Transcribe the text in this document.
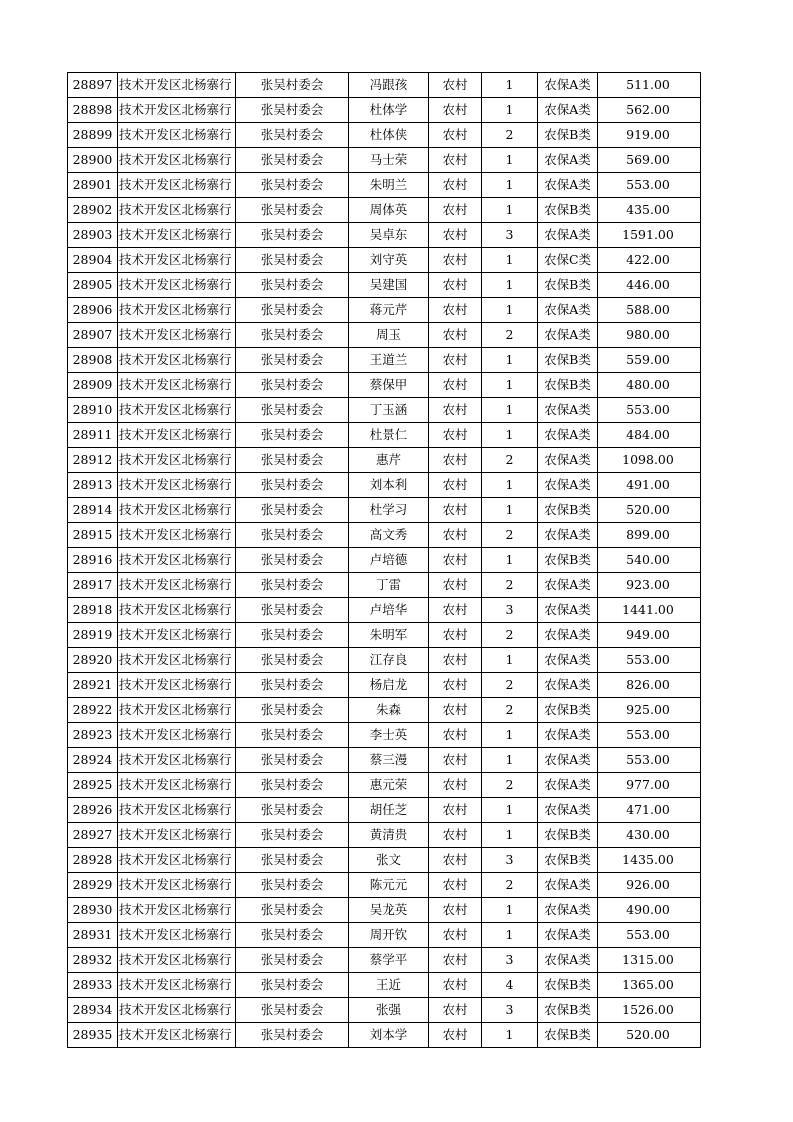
28897	技术开发区北杨寨行	张吴村委会	冯跟孩	农村	1	农保A类	511.00
28898	技术开发区北杨寨行	张吴村委会	杜体学	农村	1	农保A类	562.00
28899	技术开发区北杨寨行	张吴村委会	杜体侠	农村	2	农保B类	919.00
28900	技术开发区北杨寨行	张吴村委会	马士荣	农村	1	农保A类	569.00
28901	技术开发区北杨寨行	张吴村委会	朱明兰	农村	1	农保A类	553.00
28902	技术开发区北杨寨行	张吴村委会	周体英	农村	1	农保B类	435.00
28903	技术开发区北杨寨行	张吴村委会	吴卓东	农村	3	农保A类	1591.00
28904	技术开发区北杨寨行	张吴村委会	刘守英	农村	1	农保C类	422.00
28905	技术开发区北杨寨行	张吴村委会	吴建国	农村	1	农保B类	446.00
28906	技术开发区北杨寨行	张吴村委会	蒋元芹	农村	1	农保A类	588.00
28907	技术开发区北杨寨行	张吴村委会	周玉	农村	2	农保A类	980.00
28908	技术开发区北杨寨行	张吴村委会	王道兰	农村	1	农保B类	559.00
28909	技术开发区北杨寨行	张吴村委会	蔡保甲	农村	1	农保B类	480.00
28910	技术开发区北杨寨行	张吴村委会	丁玉涵	农村	1	农保A类	553.00
28911	技术开发区北杨寨行	张吴村委会	杜景仁	农村	1	农保A类	484.00
28912	技术开发区北杨寨行	张吴村委会	惠芹	农村	2	农保A类	1098.00
28913	技术开发区北杨寨行	张吴村委会	刘本利	农村	1	农保A类	491.00
28914	技术开发区北杨寨行	张吴村委会	杜学习	农村	1	农保B类	520.00
28915	技术开发区北杨寨行	张吴村委会	高文秀	农村	2	农保A类	899.00
28916	技术开发区北杨寨行	张吴村委会	卢培德	农村	1	农保B类	540.00
28917	技术开发区北杨寨行	张吴村委会	丁雷	农村	2	农保A类	923.00
28918	技术开发区北杨寨行	张吴村委会	卢培华	农村	3	农保A类	1441.00
28919	技术开发区北杨寨行	张吴村委会	朱明军	农村	2	农保A类	949.00
28920	技术开发区北杨寨行	张吴村委会	江存良	农村	1	农保A类	553.00
28921	技术开发区北杨寨行	张吴村委会	杨启龙	农村	2	农保A类	826.00
28922	技术开发区北杨寨行	张吴村委会	朱森	农村	2	农保B类	925.00
28923	技术开发区北杨寨行	张吴村委会	李士英	农村	1	农保A类	553.00
28924	技术开发区北杨寨行	张吴村委会	蔡三漫	农村	1	农保A类	553.00
28925	技术开发区北杨寨行	张吴村委会	惠元荣	农村	2	农保A类	977.00
28926	技术开发区北杨寨行	张吴村委会	胡任芝	农村	1	农保A类	471.00
28927	技术开发区北杨寨行	张吴村委会	黄清贵	农村	1	农保B类	430.00
28928	技术开发区北杨寨行	张吴村委会	张文	农村	3	农保B类	1435.00
28929	技术开发区北杨寨行	张吴村委会	陈元元	农村	2	农保A类	926.00
28930	技术开发区北杨寨行	张吴村委会	吴龙英	农村	1	农保A类	490.00
28931	技术开发区北杨寨行	张吴村委会	周开钦	农村	1	农保A类	553.00
28932	技术开发区北杨寨行	张吴村委会	蔡学平	农村	3	农保A类	1315.00
28933	技术开发区北杨寨行	张吴村委会	王近	农村	4	农保B类	1365.00
28934	技术开发区北杨寨行	张吴村委会	张强	农村	3	农保B类	1526.00
28935	技术开发区北杨寨行	张吴村委会	刘本学	农村	1	农保B类	520.00
